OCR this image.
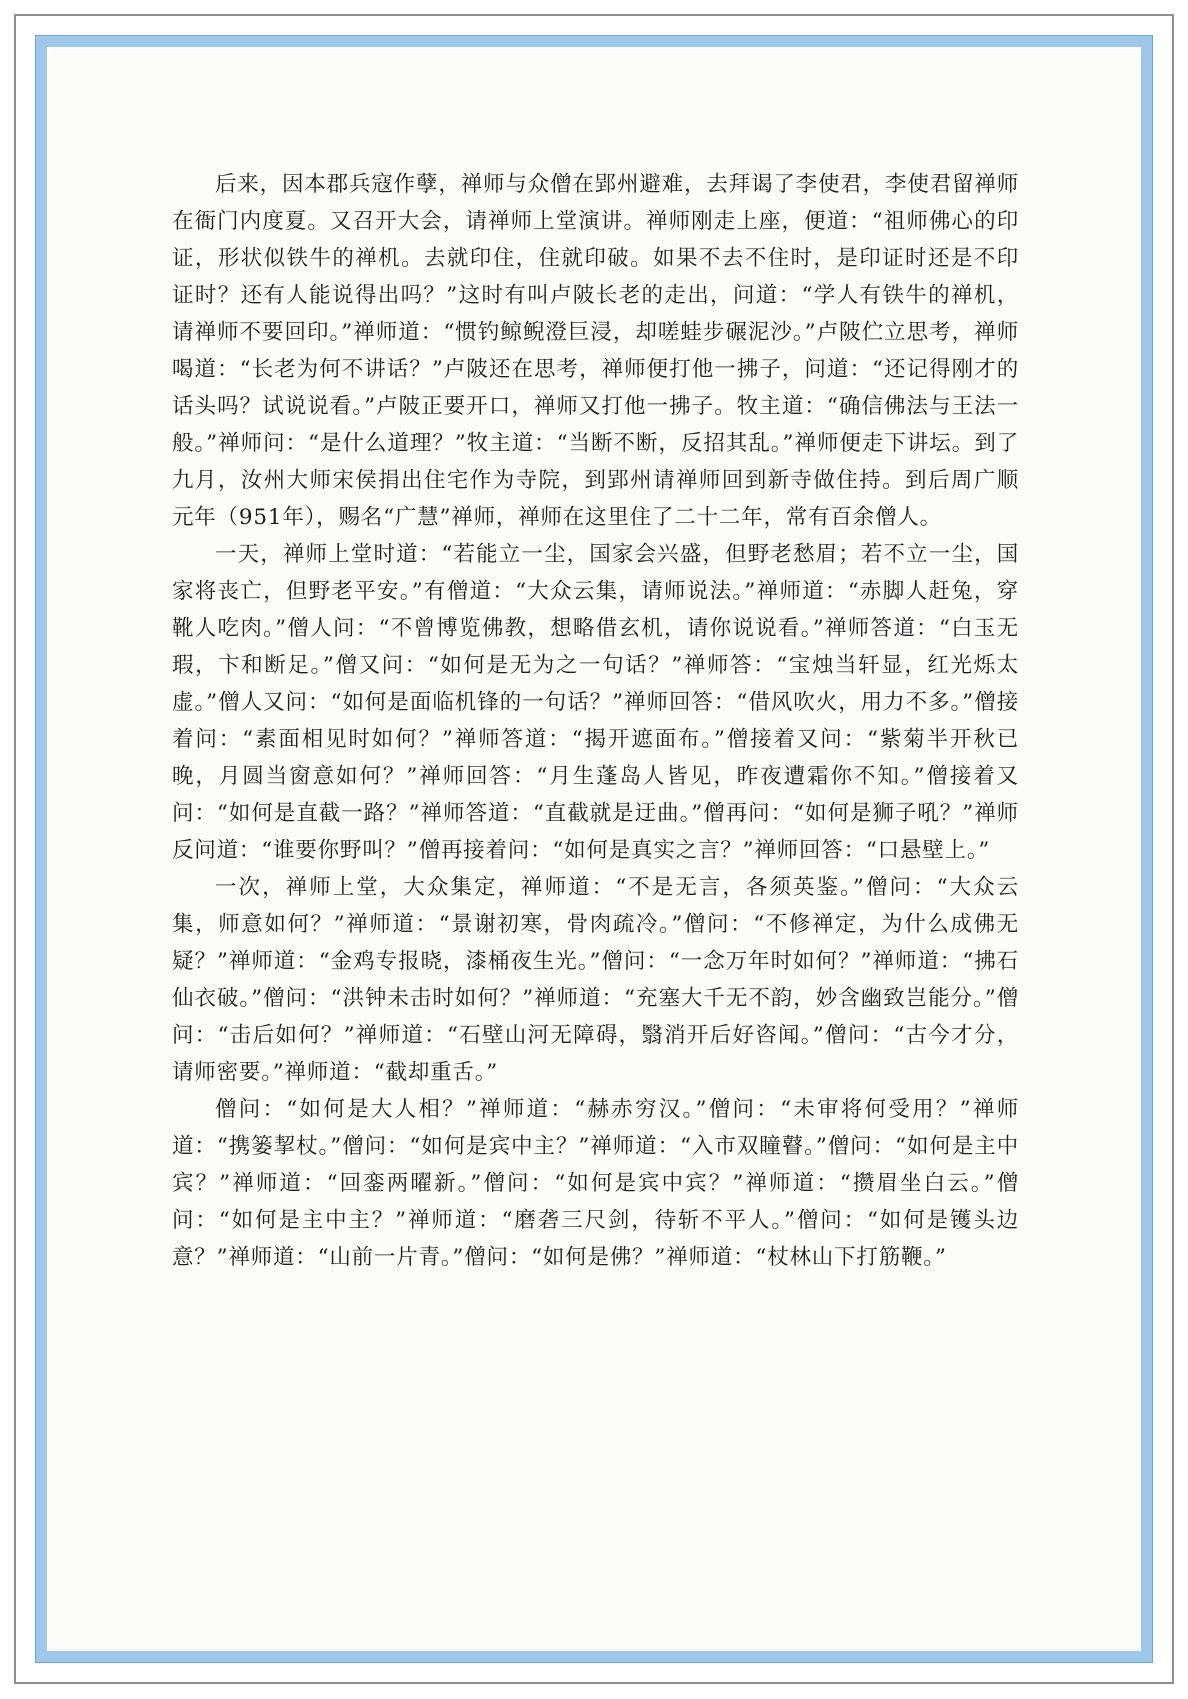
后来，因本郡兵寇作孽，禅师与众僧在郢州避难，去拜谒了李使君，李使君留禅师在衙门内度夏。又召开大会，请禅师上堂演讲。禅师刚走上座，便道：“祖师佛心的印证，形状似铁牛的禅机。去就印住，住就印破。如果不去不住时，是印证时还是不印证时？还有人能说得出吗？”这时有叫卢陂长老的走出，问道：“学人有铁牛的禅机，请禅师不要回印。”禅师道：“惯钓鲸鲵澄巨浸，却嗟蛙步碾泥沙。”卢陂伫立思考，禅师喝道：“长老为何不讲话？”卢陂还在思考，禅师便打他一拂子，问道：“还记得刚才的话头吗？试说说看。”卢陂正要开口，禅师又打他一拂子。牧主道：“确信佛法与王法一般。”禅师问：“是什么道理？”牧主道：“当断不断，反招其乱。”禅师便走下讲坛。到了九月，汝州大师宋侯捐出住宅作为寺院，到郢州请禅师回到新寺做住持。到后周广顺元年（951年），赐名“广慧”禅师，禅师在这里住了二十二年，常有百余僧人。

一天，禅师上堂时道：“若能立一尘，国家会兴盛，但野老愁眉；若不立一尘，国家将丧亡，但野老平安。”有僧道：“大众云集，请师说法。”禅师道：“赤脚人赶兔，穿靴人吃肉。”僧人问：“不曾博览佛教，想略借玄机，请你说说看。”禅师答道：“白玉无瑕，卞和断足。”僧又问：“如何是无为之一句话？”禅师答：“宝烛当轩显，红光烁太虚。”僧人又问：“如何是面临机锋的一句话？”禅师回答：“借风吹火，用力不多。”僧接着问：“素面相见时如何？”禅师答道：“揭开遮面布。”僧接着又问：“紫菊半开秋已晚，月圆当窗意如何？”禅师回答：“月生蓬岛人皆见，昨夜遭霜你不知。”僧接着又问：“如何是直截一路？”禅师答道：“直截就是迂曲。”僧再问：“如何是狮子吼？”禅师反问道：“谁要你野叫？”僧再接着问：“如何是真实之言？”禅师回答：“口悬壁上。”

一次，禅师上堂，大众集定，禅师道：“不是无言，各须英鉴。”僧问：“大众云集，师意如何？”禅师道：“景谢初寒，骨肉疏冷。”僧问：“不修禅定，为什么成佛无疑？”禅师道：“金鸡专报晓，漆桶夜生光。”僧问：“一念万年时如何？”禅师道：“拂石仙衣破。”僧问：“洪钟未击时如何？”禅师道：“充塞大千无不韵，妙含幽致岂能分。”僧问：“击后如何？”禅师道：“石壁山河无障碍，翳消开后好咨闻。”僧问：“古今才分，请师密要。”禅师道：“截却重舌。”

僧问：“如何是大人相？”禅师道：“赫赤穷汉。”僧问：“未审将何受用？”禅师道：“携篓挈杖。”僧问：“如何是宾中主？”禅师道：“入市双瞳瞽。”僧问：“如何是主中宾？”禅师道：“回銮两曜新。”僧问：“如何是宾中宾？”禅师道：“攒眉坐白云。”僧问：“如何是主中主？”禅师道：“磨砻三尺剑，待斩不平人。”僧问：“如何是镬头边意？”禅师道：“山前一片青。”僧问：“如何是佛？”禅师道：“杖林山下打筋鞭。”
